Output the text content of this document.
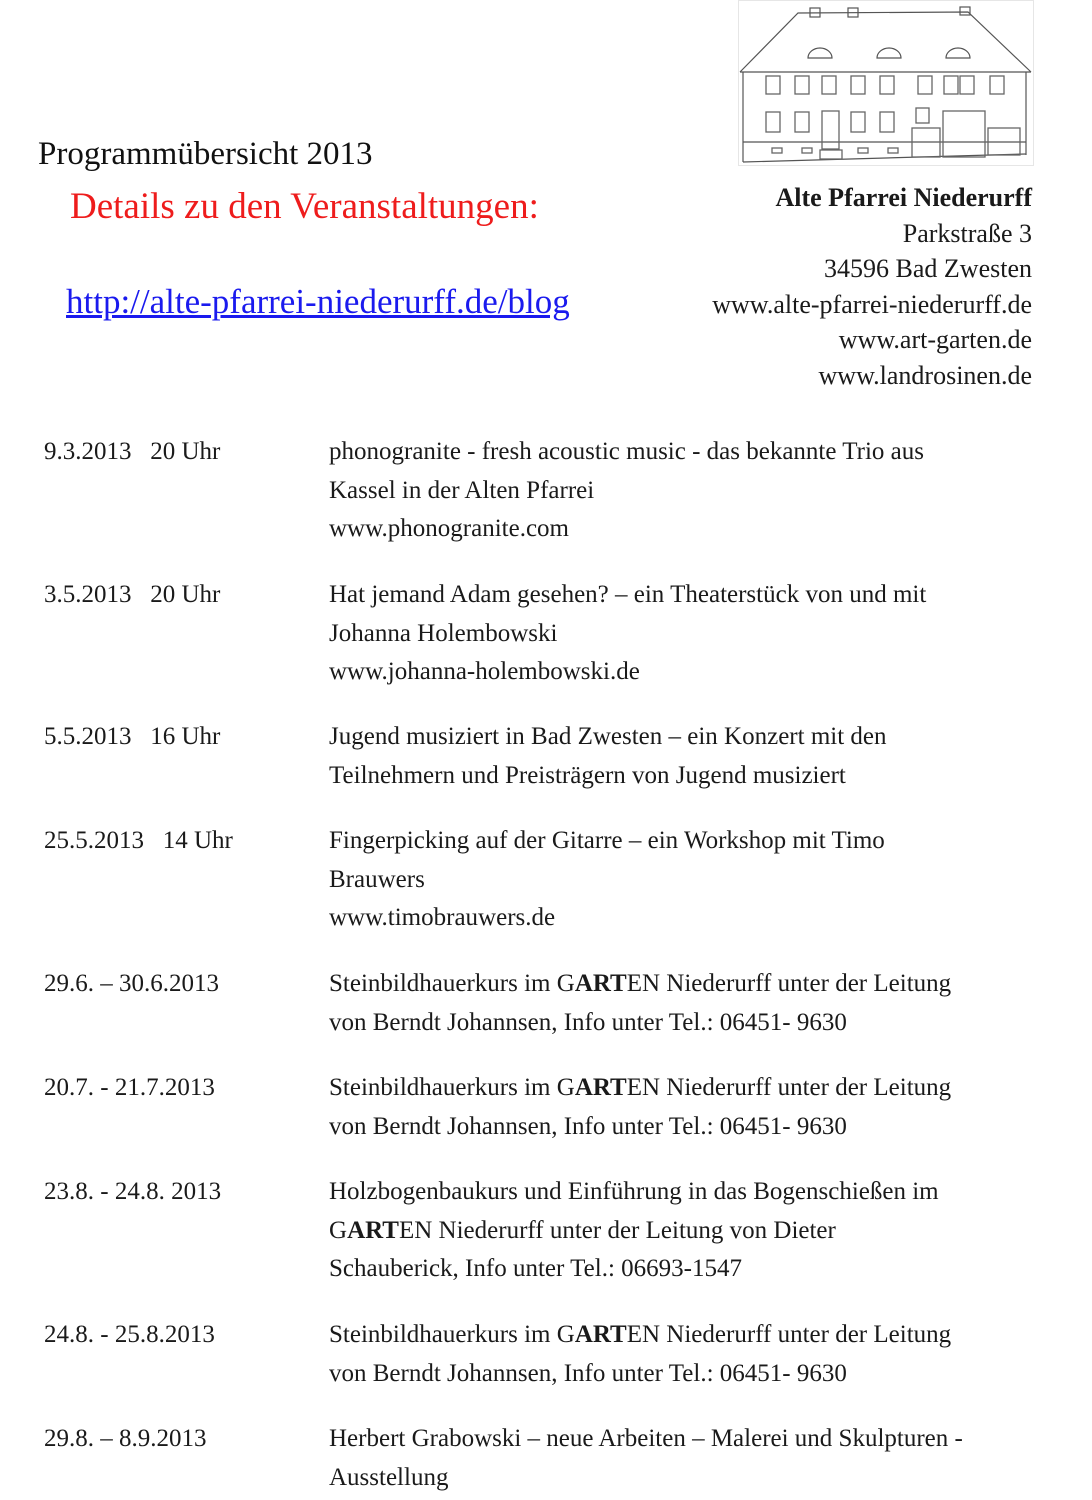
Programmübersicht 2013
Details zu den Veranstaltungen:
http://alte-pfarrei-niederurff.de/blog
Alte Pfarrei Niederurff
Parkstraße 3
34596 Bad Zwesten
www.alte-pfarrei-niederurff.de
www.art-garten.de
www.landrosinen.de
9.3.2013   20 Uhr	phonogranite - fresh acoustic music - das bekannte Trio aus
Kassel in der Alten Pfarrei
www.phonogranite.com
3.5.2013   20 Uhr	Hat jemand Adam gesehen? – ein Theaterstück von und mit
Johanna Holembowski
www.johanna-holembowski.de
5.5.2013   16 Uhr	Jugend musiziert in Bad Zwesten – ein Konzert mit den
Teilnehmern und Preisträgern von Jugend musiziert
25.5.2013   14 Uhr	Fingerpicking auf der Gitarre – ein Workshop mit Timo
Brauwers
www.timobrauwers.de
29.6. – 30.6.2013	Steinbildhauerkurs im GARTEN Niederurff unter der Leitung
von Berndt Johannsen, Info unter Tel.: 06451- 9630
20.7. - 21.7.2013	Steinbildhauerkurs im GARTEN Niederurff unter der Leitung
von Berndt Johannsen, Info unter Tel.: 06451- 9630
23.8. - 24.8. 2013	Holzbogenbaukurs und Einführung in das Bogenschießen im
GARTEN Niederurff unter der Leitung von Dieter
Schauberick, Info unter Tel.: 06693-1547
24.8. - 25.8.2013	Steinbildhauerkurs im GARTEN Niederurff unter der Leitung
von Berndt Johannsen, Info unter Tel.: 06451- 9630
29.8. – 8.9.2013	Herbert Grabowski – neue Arbeiten – Malerei und Skulpturen -
Ausstellung
